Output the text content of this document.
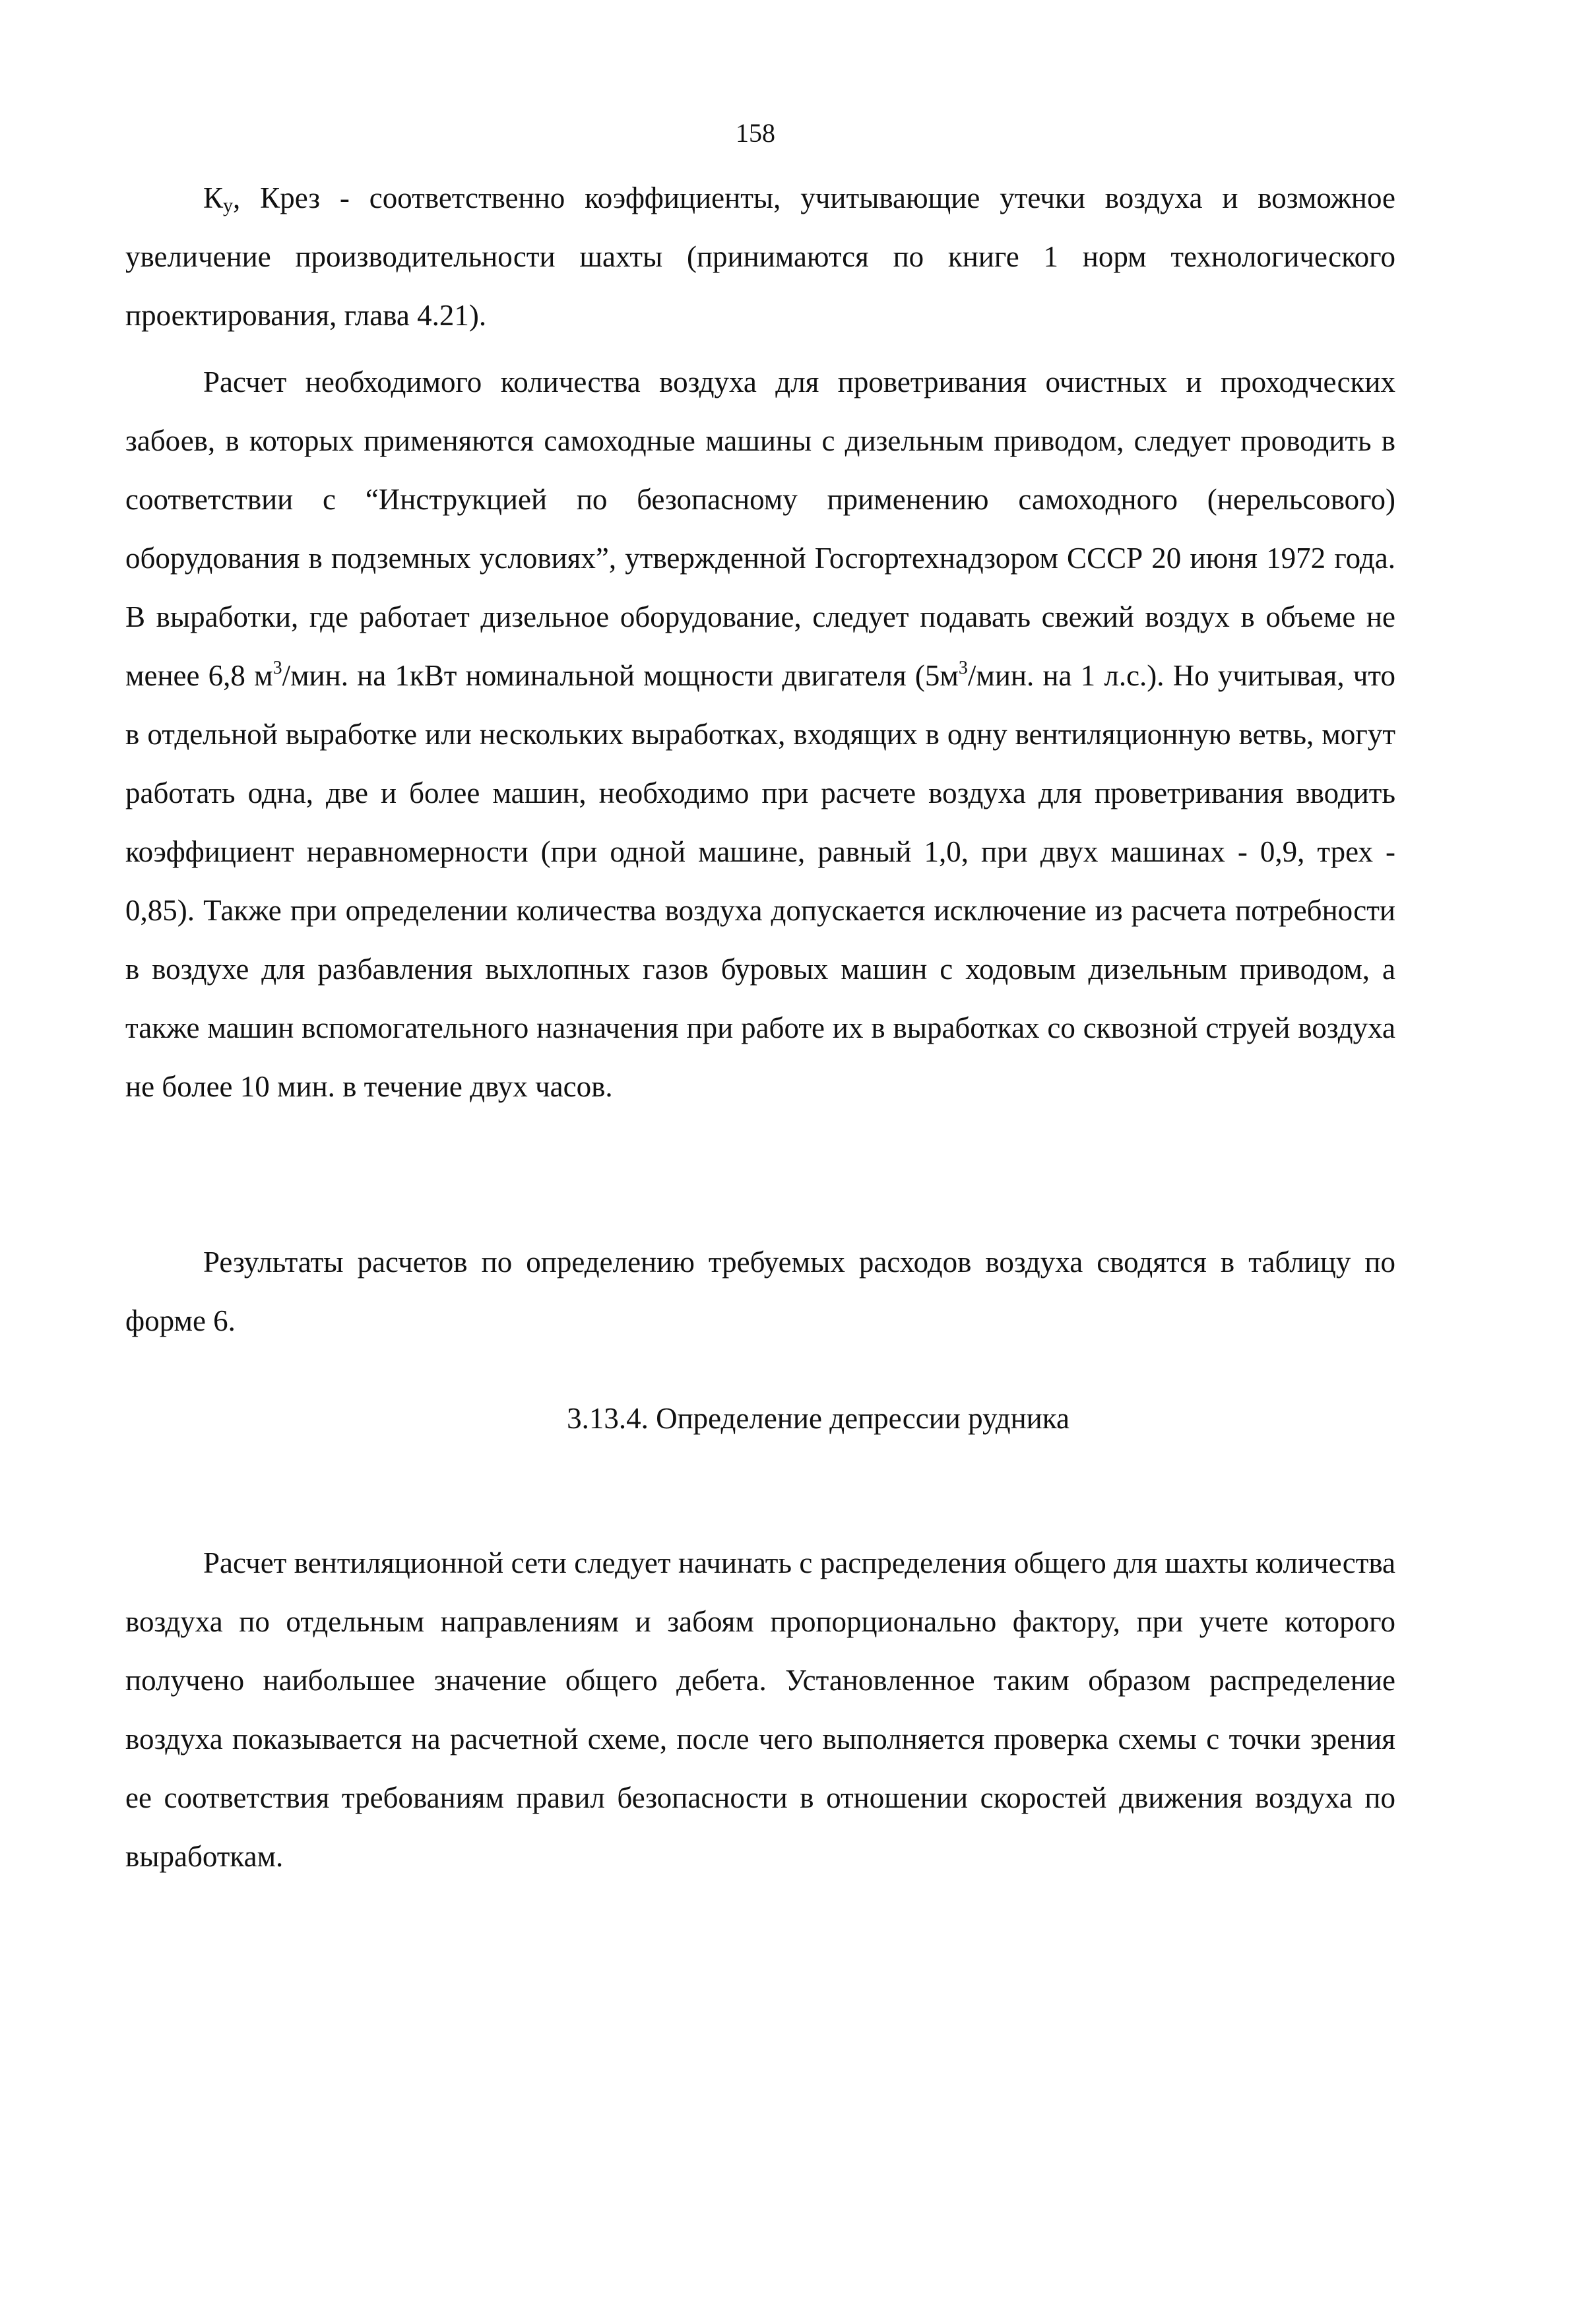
158

$К_у$, Крез - соответственно коэффициенты, учитывающие утечки воздуха и возможное увеличение производительности шахты (принимаются по книге 1 норм технологического проектирования, глава 4.21).

Расчет необходимого количества воздуха для проветривания очистных и проходческих забоев, в которых применяются самоходные машины с дизельным приводом, следует проводить в соответствии с “Инструкцией по безопасному применению самоходного (нерельсового) оборудования в подземных условиях”, утвержденной Госгортехнадзором СССР 20 июня 1972 года. В выработки, где работает дизельное оборудование, следует подавать свежий воздух в объеме не менее 6,8 $м^3$/мин. на 1кВт номинальной мощности двигателя ($5м^3$/мин. на 1 л.с.). Но учитывая, что в отдельной выработке или нескольких выработках, входящих в одну вентиляционную ветвь, могут работать одна, две и более машин, необходимо при расчете воздуха для проветривания вводить коэффициент неравномерности (при одной машине, равный 1,0, при двух машинах - 0,9, трех - 0,85). Также при определении количества воздуха допускается исключение из расчета потребности в воздухе для разбавления выхлопных газов буровых машин с ходовым дизельным приводом, а также машин вспомогательного назначения при работе их в выработках со сквозной струей воздуха не более 10 мин. в течение двух часов.

Результаты расчетов по определению требуемых расходов воздуха сводятся в таблицу по форме 6.

3.13.4. Определение депрессии рудника

Расчет вентиляционной сети следует начинать с распределения общего для шахты количества воздуха по отдельным направлениям и забоям пропорционально фактору, при учете которого получено наибольшее значение общего дебета. Установленное таким образом распределение воздуха показывается на расчетной схеме, после чего выполняется проверка схемы с точки зрения ее соответствия требованиям правил безопасности в отношении скоростей движения воздуха по выработкам.
